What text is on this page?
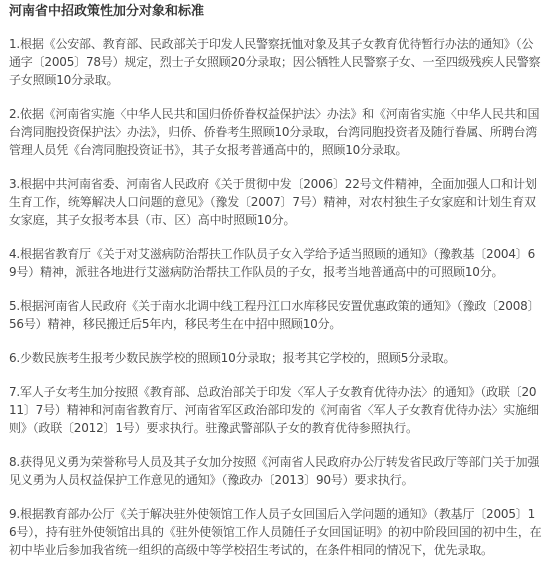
河南省中招政策性加分对象和标准
1.根据《公安部、教育部、民政部关于印发人民警察抚恤对象及其子女教育优待暂行办法的通知》（公通字〔2005〕78号）规定，烈士子女照顾20分录取；因公牺牲人民警察子女、一至四级残疾人民警察子女照顾10分录取。
2.依据《河南省实施〈中华人民共和国归侨侨眷权益保护法〉办法》和《河南省实施〈中华人民共和国台湾同胞投资保护法〉办法》，归侨、侨眷考生照顾10分录取，台湾同胞投资者及随行眷属、所聘台湾管理人员凭《台湾同胞投资证书》，其子女报考普通高中的，照顾10分录取。
3.根据中共河南省委、河南省人民政府《关于贯彻中发〔2006〕22号文件精神，全面加强人口和计划生育工作，统筹解决人口问题的意见》（豫发〔2007〕7号）精神，对农村独生子女家庭和计划生育双女家庭，其子女报考本县（市、区）高中时照顾10分。
4.根据省教育厅《关于对艾滋病防治帮扶工作队员子女入学给予适当照顾的通知》（豫教基〔2004〕69号）精神，派驻各地进行艾滋病防治帮扶工作队员的子女，报考当地普通高中的可照顾10分。
5.根据河南省人民政府《关于南水北调中线工程丹江口水库移民安置优惠政策的通知》（豫政〔2008〕56号）精神，移民搬迁后5年内，移民考生在中招中照顾10分。
6.少数民族考生报考少数民族学校的照顾10分录取；报考其它学校的，照顾5分录取。
7.军人子女考生加分按照《教育部、总政治部关于印发〈军人子女教育优待办法〉的通知》（政联〔2011〕7号）精神和河南省教育厅、河南省军区政治部印发的《河南省〈军人子女教育优待办法〉实施细则》（政联〔2012〕1号）要求执行。驻豫武警部队子女的教育优待参照执行。
8.获得见义勇为荣誉称号人员及其子女加分按照《河南省人民政府办公厅转发省民政厅等部门关于加强见义勇为人员权益保护工作意见的通知》（豫政办〔2013〕90号）要求执行。
9.根据教育部办公厅《关于解决驻外使领馆工作人员子女回国后入学问题的通知》（教基厅〔2005〕16号），持有驻外使领馆出具的《驻外使领馆工作人员随任子女回国证明》的初中阶段回国的初中生，在初中毕业后参加我省统一组织的高级中等学校招生考试的，在条件相同的情况下，优先录取。
